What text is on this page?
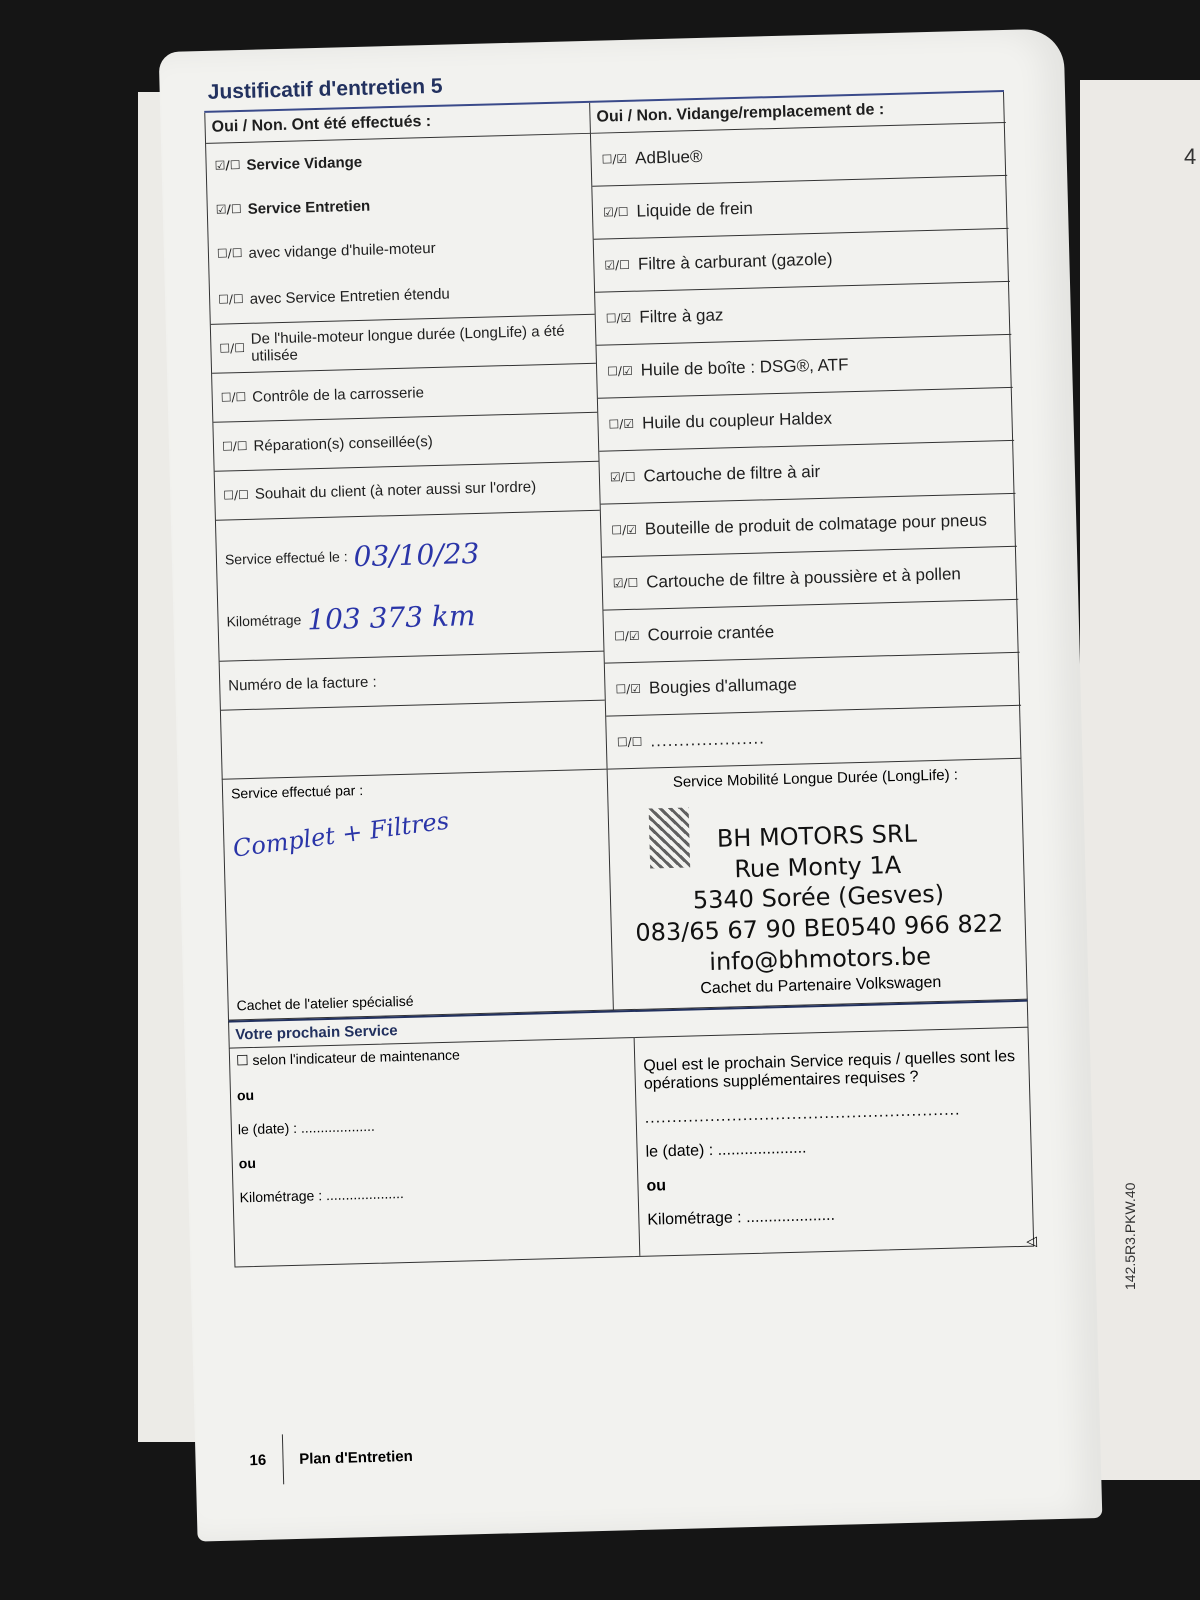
4
142.5R3.PKW.40
Justificatif d'entretien 5
Oui / Non. Ont été effectués :	Oui / Non. Vidange/remplacement de :
☑/☐ Service Vidange
☑/☐ Service Entretien
☐/☐ avec vidange d'huile-moteur
☐/☐ avec Service Entretien étendu
☐/☐
De l'huile-moteur longue durée (LongLife) a été utilisée
☐/☐ Contrôle de la carrosserie
☐/☐ Réparation(s) conseillée(s)
☐/☐ Souhait du client (à noter aussi sur l'ordre)
Service effectué le : 03/10/23
Kilométrage 103 373 km
Numéro de la facture :
☐/☑ AdBlue®
☑/☐ Liquide de frein
☑/☐ Filtre à carburant (gazole)
☐/☑ Filtre à gaz
☐/☑ Huile de boîte : DSG®, ATF
☐/☑ Huile du coupleur Haldex
☑/☐ Cartouche de filtre à air
☐/☑ Bouteille de produit de colmatage pour pneus
☑/☐ Cartouche de filtre à poussière et à pollen
☐/☑ Courroie crantée
☐/☑ Bougies d'allumage
☐/☐ ....................
Service effectué par :
Complet + Filtres
Cachet de l'atelier spécialisé
Service Mobilité Longue Durée (LongLife) :
BH MOTORS SRL
Rue Monty 1A
5340 Sorée (Gesves)
083/65 67 90 BE0540 966 822
info@bhmotors.be
Cachet du Partenaire Volkswagen
Votre prochain Service
☐ selon l'indicateur de maintenance
ou
le (date) : ...................
ou
Kilométrage : ....................
Quel est le prochain Service requis / quelles sont les opérations supplémentaires requises ?
..........................................................
le (date) : ....................
ou
Kilométrage : ....................
◁
16	Plan d'Entretien
